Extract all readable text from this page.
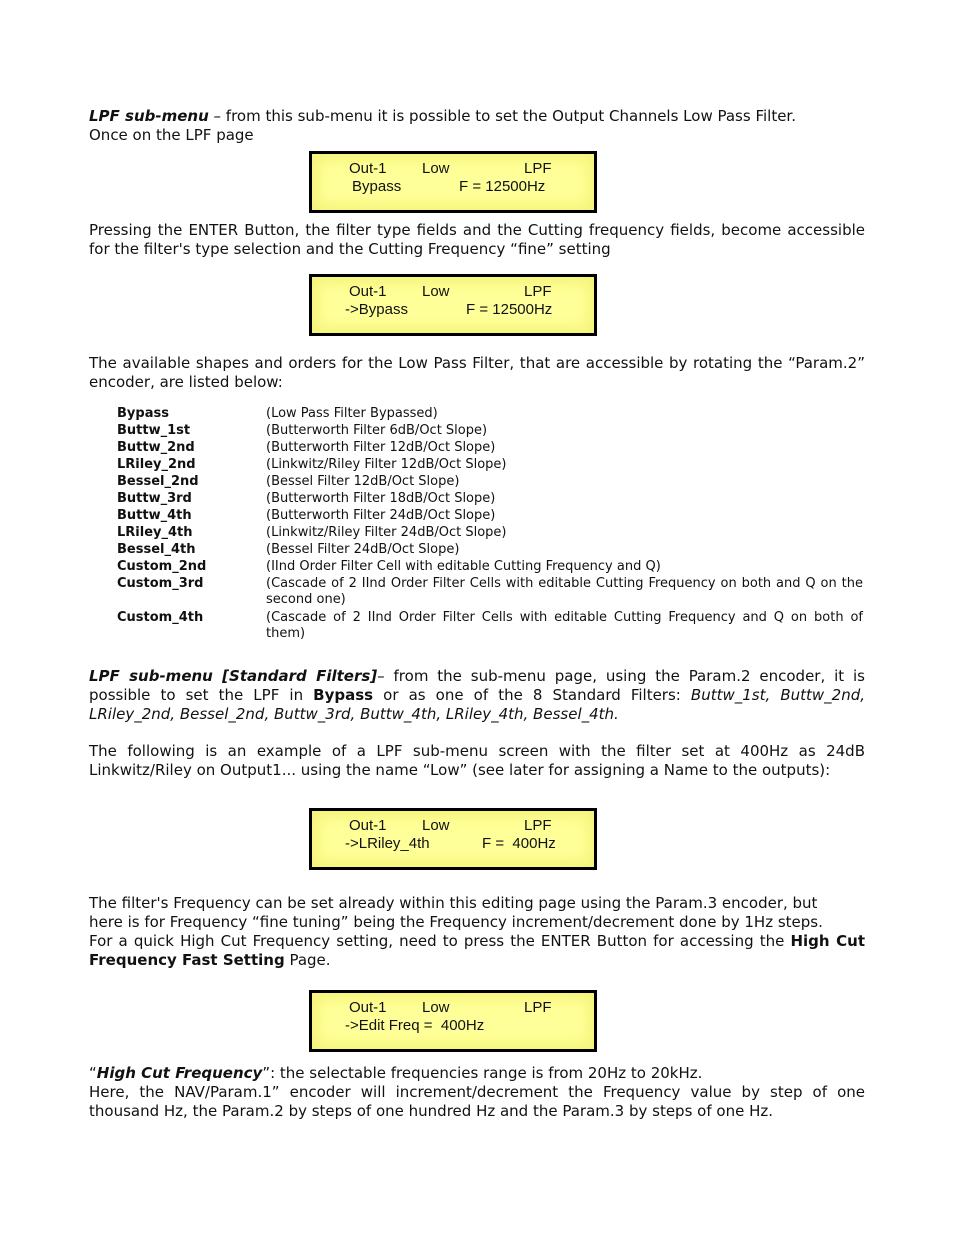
LPF sub-menu – from this sub-menu it is possible to set the Output Channels Low Pass Filter.

Once on the LPF page

Out-1 Low	LPF
Bypass	F = 12500Hz

Pressing the ENTER Button, the filter type fields and the Cutting frequency fields, become accessible for the filter's type selection and the Cutting Frequency “fine” setting

Out-1 Low	LPF
->Bypass	F = 12500Hz

The available shapes and orders for the Low Pass Filter, that are accessible by rotating the “Param.2” encoder, are listed below:

Bypass	(Low Pass Filter Bypassed)
Buttw_1st	(Butterworth Filter 6dB/Oct Slope)
Buttw_2nd	(Butterworth Filter 12dB/Oct Slope)
LRiley_2nd	(Linkwitz/Riley Filter 12dB/Oct Slope)
Bessel_2nd	(Bessel Filter 12dB/Oct Slope)
Buttw_3rd	(Butterworth Filter 18dB/Oct Slope)
Buttw_4th	(Butterworth Filter 24dB/Oct Slope)
LRiley_4th	(Linkwitz/Riley Filter 24dB/Oct Slope)
Bessel_4th	(Bessel Filter 24dB/Oct Slope)
Custom_2nd	(IInd Order Filter Cell with editable Cutting Frequency and Q)
Custom_3rd	(Cascade of 2 IInd Order Filter Cells with editable Cutting Frequency on both and Q on the second one)
Custom_4th	(Cascade of 2 IInd Order Filter Cells with editable Cutting Frequency and Q on both of them)

LPF sub-menu [Standard Filters]– from the sub-menu page, using the Param.2 encoder, it is possible to set the LPF in Bypass or as one of the 8 Standard Filters: Buttw_1st, Buttw_2nd, LRiley_2nd, Bessel_2nd, Buttw_3rd, Buttw_4th, LRiley_4th, Bessel_4th.

The following is an example of a LPF sub-menu screen with the filter set at 400Hz as 24dB Linkwitz/Riley on Output1... using the name “Low” (see later for assigning a Name to the outputs):

Out-1 Low	LPF
->LRiley_4th	F =  400Hz

The filter's Frequency can be set already within this editing page using the Param.3 encoder, but

here is for Frequency “fine tuning” being the Frequency increment/decrement done by 1Hz steps.

For a quick High Cut Frequency setting, need to press the ENTER Button for accessing the High Cut Frequency Fast Setting Page.

Out-1 Low	LPF
->Edit Freq =  400Hz

“High Cut Frequency”: the selectable frequencies range is from 20Hz to 20kHz.

Here, the NAV/Param.1” encoder will increment/decrement the Frequency value by step of one thousand Hz, the Param.2 by steps of one hundred Hz and the Param.3 by steps of one Hz.
